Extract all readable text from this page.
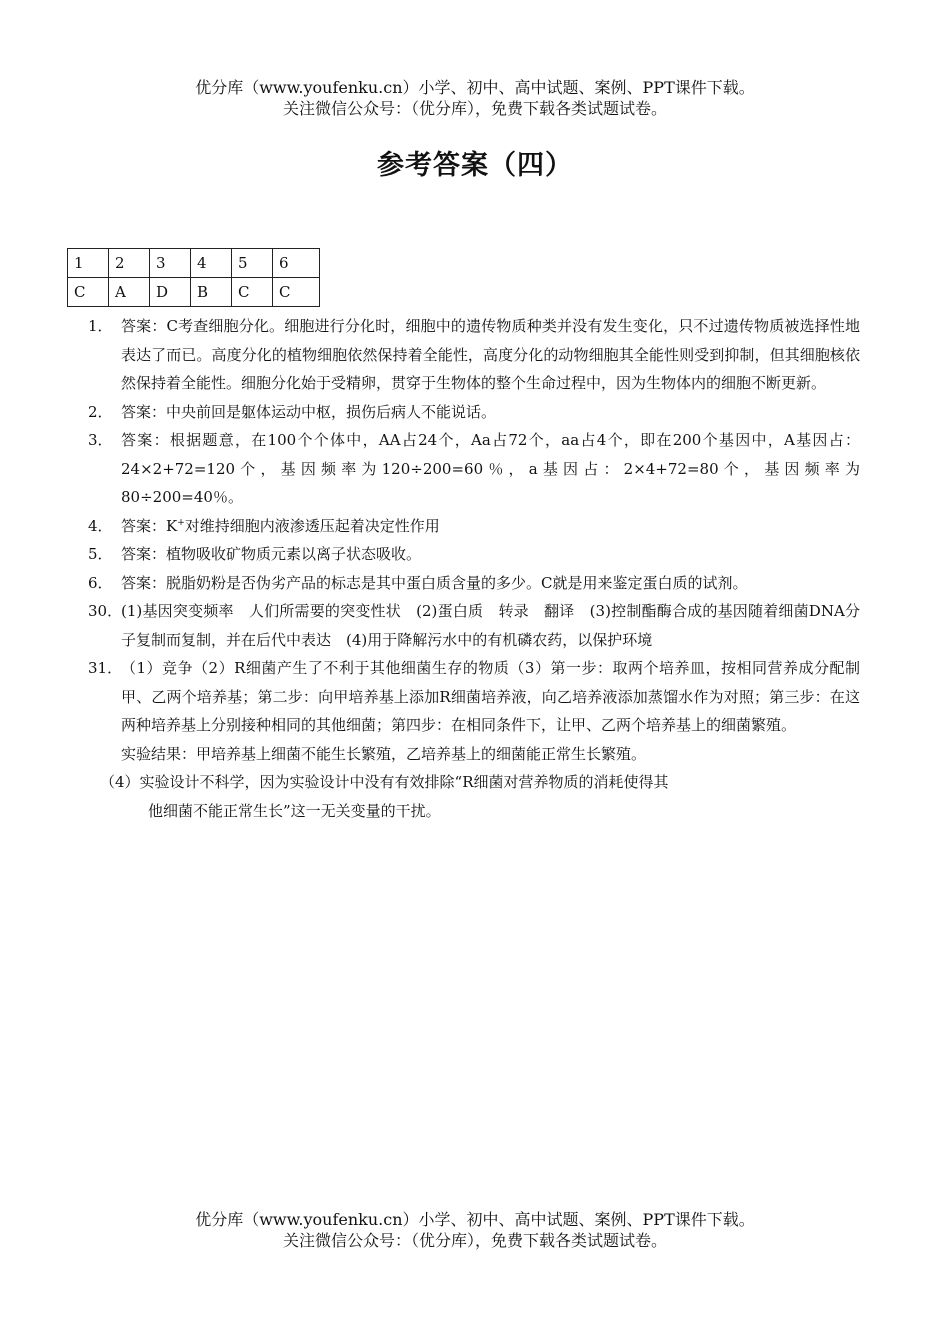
优分库（www.youfenku.cn）小学、初中、高中试题、案例、PPT课件下载。
关注微信公众号：（优分库），免费下载各类试题试卷。
参考答案（四）
1	2	3	4	5	6
C	A	D	B	C	C
1． 答案：C考查细胞分化。细胞进行分化时，细胞中的遗传物质种类并没有发生变化，只不过遗传物质被选择性地表达了而已。高度分化的植物细胞依然保持着全能性，高度分化的动物细胞其全能性则受到抑制，但其细胞核依然保持着全能性。细胞分化始于受精卵，贯穿于生物体的整个生命过程中，因为生物体内的细胞不断更新。
2． 答案：中央前回是躯体运动中枢，损伤后病人不能说话。
3． 答案：根据题意，在100个个体中，AA占24个，Aa占72个，aa占4个，即在200个基因中，A基因占：24×2+72=120个，基因频率为120÷200=60％，a基因占：2×4+72=80个，基因频率为80÷200=40％。
4． 答案：K+对维持细胞内液渗透压起着决定性作用
5． 答案：植物吸收矿物质元素以离子状态吸收。
6． 答案：脱脂奶粉是否伪劣产品的标志是其中蛋白质含量的多少。C就是用来鉴定蛋白质的试剂。
30．
(1)基因突变频率　人们所需要的突变性状　(2)蛋白质　转录　翻译　(3)控制酯酶合成的基因随着细菌DNA分子复制而复制，并在后代中表达　(4)用于降解污水中的有机磷农药，以保护环境
31．
（1）竞争（2）R细菌产生了不利于其他细菌生存的物质（3）第一步：取两个培养皿，按相同营养成分配制甲、乙两个培养基；第二步：向甲培养基上添加R细菌培养液，向乙培养液添加蒸馏水作为对照；第三步：在这两种培养基上分别接种相同的其他细菌；第四步：在相同条件下，让甲、乙两个培养基上的细菌繁殖。
实验结果：甲培养基上细菌不能生长繁殖，乙培养基上的细菌能正常生长繁殖。
（4）实验设计不科学，因为实验设计中没有有效排除“R细菌对营养物质的消耗使得其
他细菌不能正常生长”这一无关变量的干扰。
优分库（www.youfenku.cn）小学、初中、高中试题、案例、PPT课件下载。
关注微信公众号：（优分库），免费下载各类试题试卷。
